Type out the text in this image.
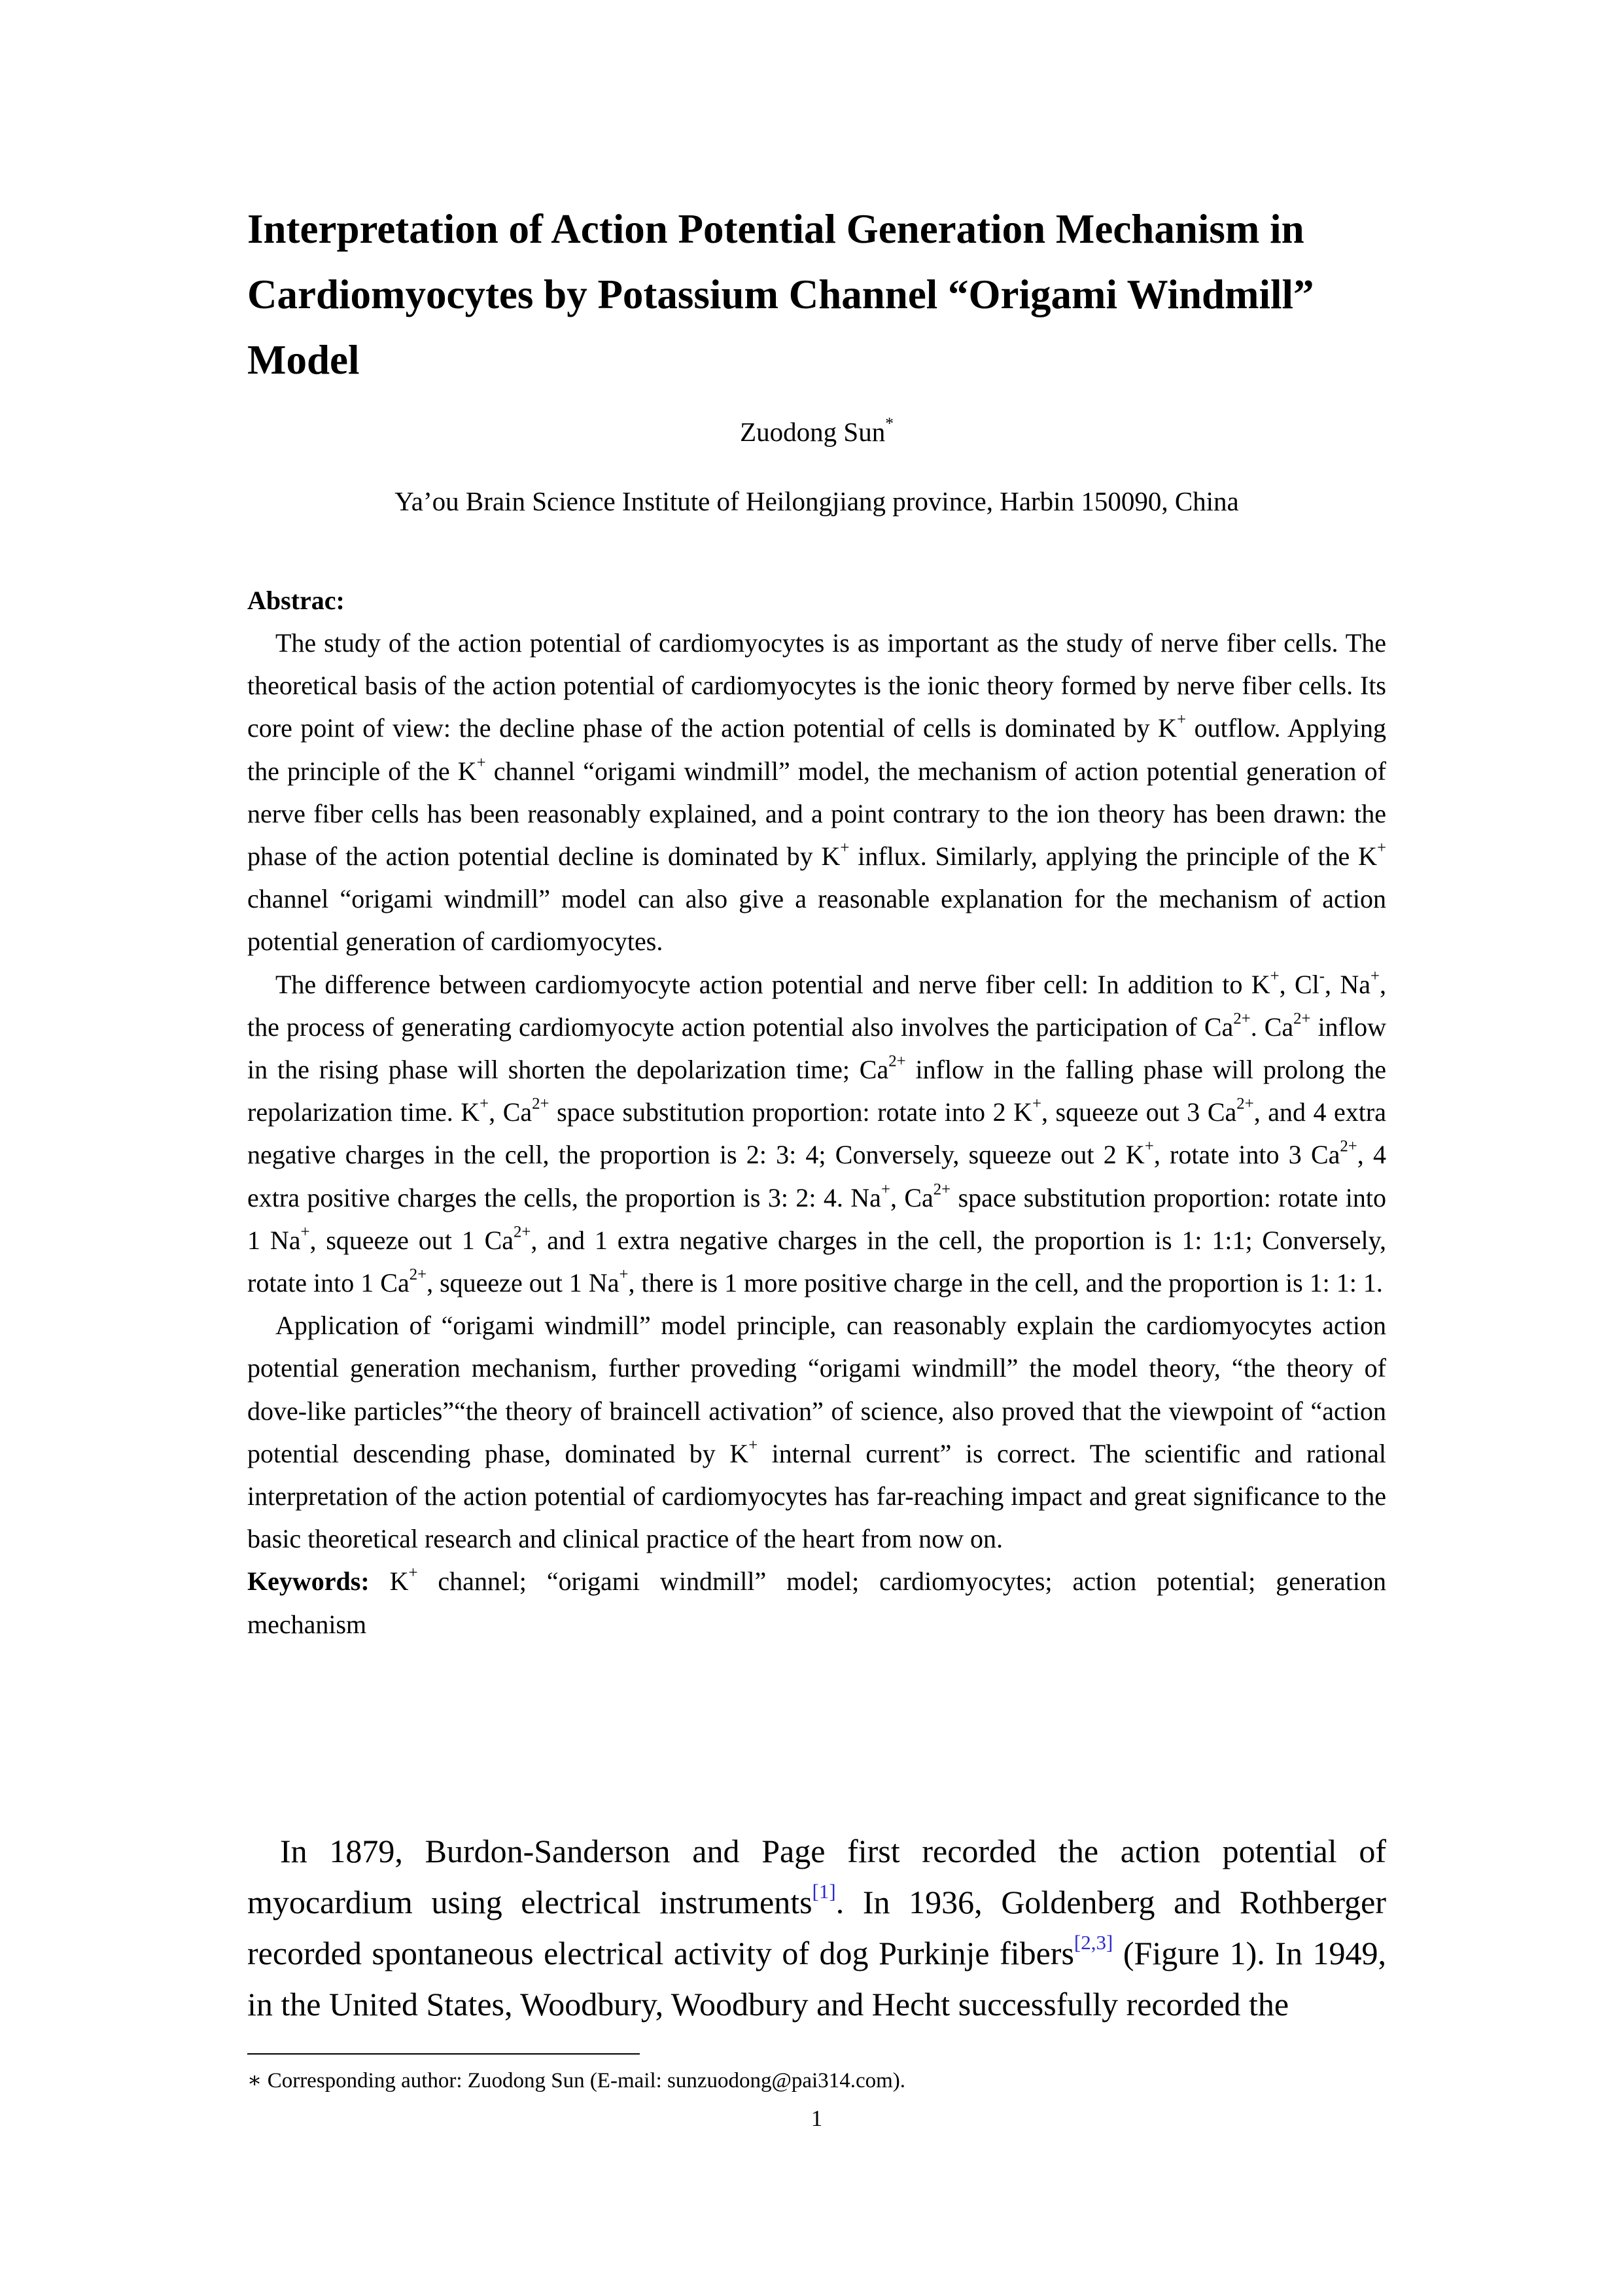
Interpretation of Action Potential Generation Mechanism in
Cardiomyocytes by Potassium Channel “Origami Windmill”
Model
Zuodong Sun*
Ya’ou Brain Science Institute of Heilongjiang province, Harbin 150090, China
Abstrac:

The study of the action potential of cardiomyocytes is as important as the study of nerve fiber cells. The theoretical basis of the action potential of cardiomyocytes is the ionic theory formed by nerve fiber cells. Its core point of view: the decline phase of the action potential of cells is dominated by K+ outflow. Applying the principle of the K+ channel “origami windmill” model, the mechanism of action potential generation of nerve fiber cells has been reasonably explained, and a point contrary to the ion theory has been drawn: the phase of the action potential decline is dominated by K+ influx. Similarly, applying the principle of the K+ channel “origami windmill” model can also give a reasonable explanation for the mechanism of action potential generation of cardiomyocytes.

The difference between cardiomyocyte action potential and nerve fiber cell: In addition to K+, Cl-, Na+, the process of generating cardiomyocyte action potential also involves the participation of $Ca^{2+}$. $Ca^{2+}$ inflow in the rising phase will shorten the depolarization time; $Ca^{2+}$ inflow in the falling phase will prolong the repolarization time. K+, $Ca^{2+}$ space substitution proportion: rotate into 2 K+, squeeze out 3 $Ca^{2+}$, and 4 extra negative charges in the cell, the proportion is 2: 3: 4; Conversely, squeeze out 2 K+, rotate into 3 $Ca^{2+}$, 4 extra positive charges the cells, the proportion is 3: 2: 4. Na+, $Ca^{2+}$ space substitution proportion: rotate into 1 Na+, squeeze out 1 $Ca^{2+}$, and 1 extra negative charges in the cell, the proportion is 1: 1:1; Conversely, rotate into 1 $Ca^{2+}$, squeeze out 1 Na+, there is 1 more positive charge in the cell, and the proportion is 1: 1: 1.

Application of “origami windmill” model principle, can reasonably explain the cardiomyocytes action potential generation mechanism, further proveding “origami windmill” the model theory, “the theory of dove-like particles”“the theory of braincell activation” of science, also proved that the viewpoint of “action potential descending phase, dominated by K+ internal current” is correct. The scientific and rational interpretation of the action potential of cardiomyocytes has far-reaching impact and great significance to the basic theoretical research and clinical practice of the heart from now on.

Keywords: K+ channel; “origami windmill” model; cardiomyocytes; action potential; generation mechanism

In 1879, Burdon-Sanderson and Page first recorded the action potential of myocardium using electrical instruments[1]. In 1936, Goldenberg and Rothberger recorded spontaneous electrical activity of dog Purkinje fibers[2,3] (Figure 1). In 1949, in the United States, Woodbury, Woodbury and Hecht successfully recorded the

∗ Corresponding author: Zuodong Sun (E-mail: sunzuodong@pai314.com).
1
